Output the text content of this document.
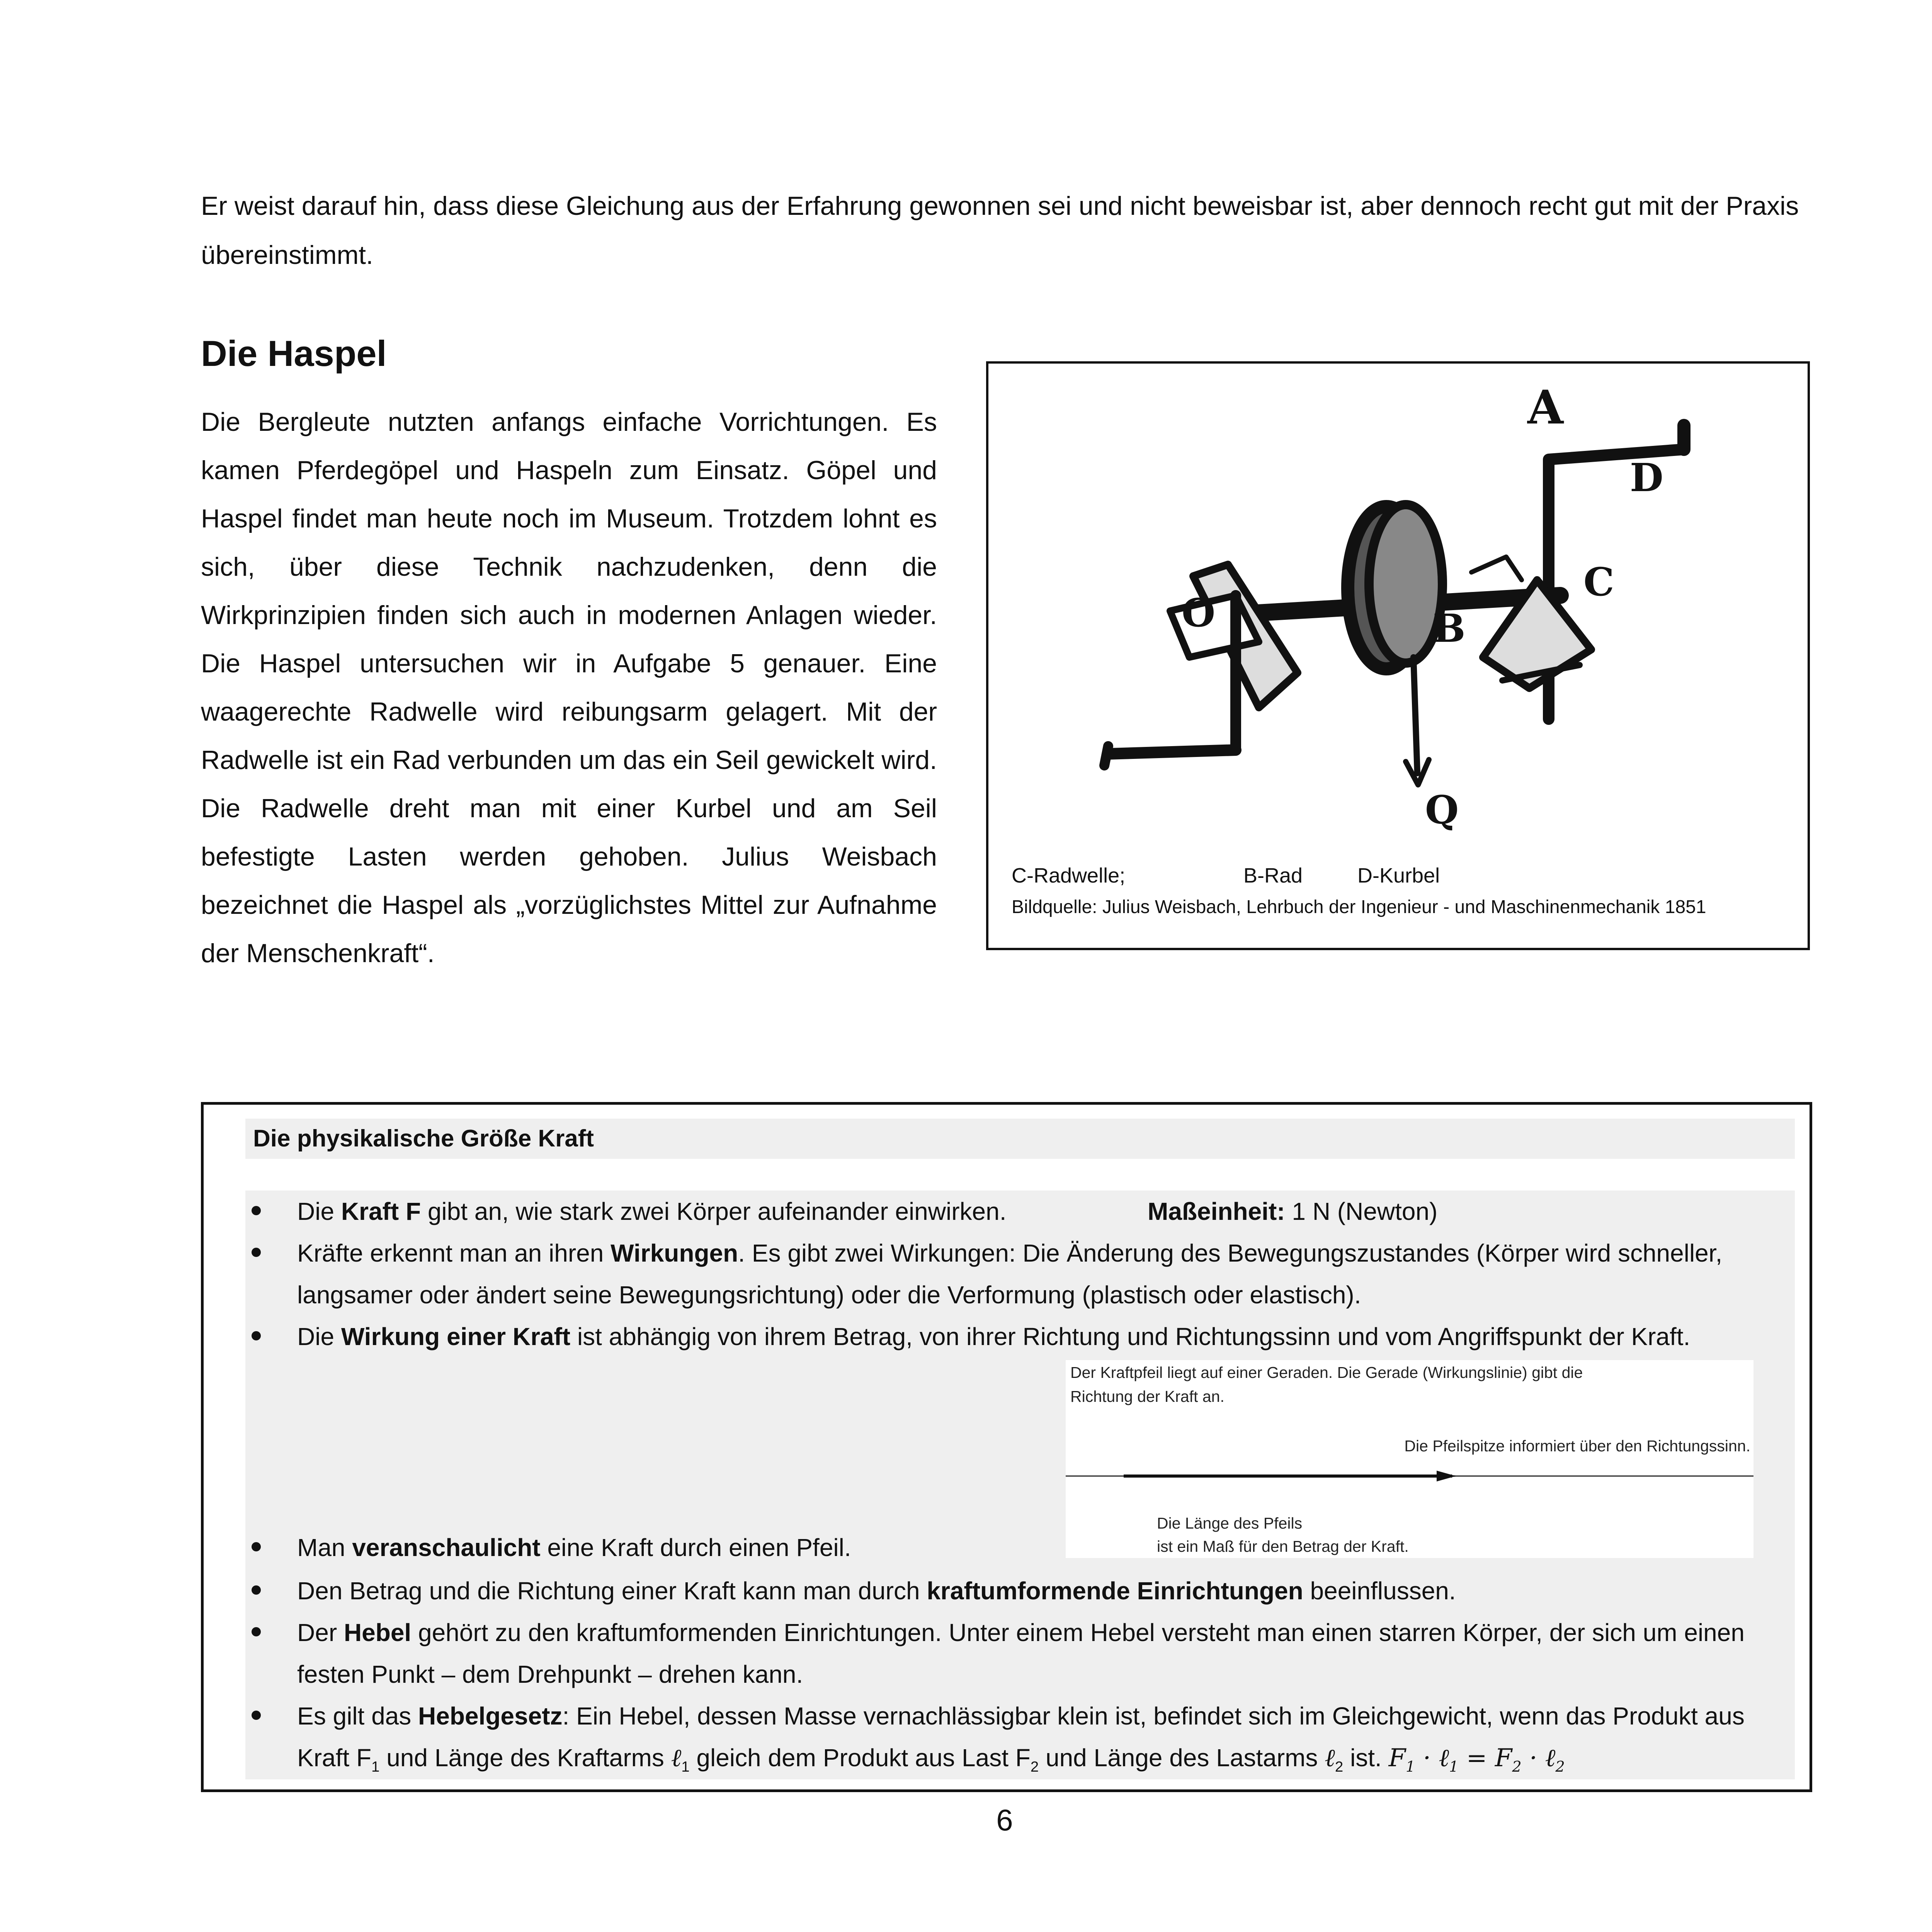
Er weist darauf hin, dass diese Gleichung aus der Erfahrung gewonnen sei und nicht beweisbar ist, aber dennoch recht gut mit der Praxis übereinstimmt.

Die Haspel

Die Bergleute nutzten anfangs einfache Vorrichtungen. Es kamen Pferdegöpel und Haspeln zum Einsatz. Göpel und Haspel findet man heute noch im Museum. Trotzdem lohnt es sich, über diese Technik nachzudenken, denn die Wirkprinzipien finden sich auch in modernen Anlagen wieder. Die Haspel untersuchen wir in Aufgabe 5 genauer. Eine waagerechte Radwelle wird reibungsarm gelagert. Mit der Radwelle ist ein Rad verbunden um das ein Seil gewickelt wird. Die Radwelle dreht man mit einer Kurbel und am Seil befestigte Lasten werden gehoben. Julius Weisbach bezeichnet die Haspel als „vorzüglichstes Mittel zur Aufnahme der Menschenkraft“.

A
D
C
B
O
Q
C-Radwelle;	B-Rad	D-Kurbel
Bildquelle: Julius Weisbach, Lehrbuch der Ingenieur - und Maschinenmechanik 1851
Die physikalische Größe Kraft
Die Kraft F gibt an, wie stark zwei Körper aufeinander einwirken.	Maßeinheit: 1 N (Newton)
Kräfte erkennt man an ihren Wirkungen. Es gibt zwei Wirkungen: Die Änderung des Bewegungszustandes (Körper wird schneller, langsamer oder ändert seine Bewegungsrichtung) oder die Verformung (plastisch oder elastisch).
Die Wirkung einer Kraft ist abhängig von ihrem Betrag, von ihrer Richtung und Richtungssinn und vom Angriffspunkt der Kraft.
Der Kraftpfeil liegt auf einer Geraden. Die Gerade (Wirkungslinie) gibt die
Richtung der Kraft an.
Die Pfeilspitze informiert über den Richtungssinn.
Die Länge des Pfeils
ist ein Maß für den Betrag der Kraft.
Man veranschaulicht eine Kraft durch einen Pfeil.
Den Betrag und die Richtung einer Kraft kann man durch kraftumformende Einrichtungen beeinflussen.
Der Hebel gehört zu den kraftumformenden Einrichtungen. Unter einem Hebel versteht man einen starren Körper, der sich um einen festen Punkt – dem Drehpunkt – drehen kann.
Es gilt das Hebelgesetz: Ein Hebel, dessen Masse vernachlässigbar klein ist, befindet sich im Gleichgewicht, wenn das Produkt aus Kraft $F_1$ und Länge des Kraftarms ℓ$_1$ gleich dem Produkt aus Last $F_2$ und Länge des Lastarms ℓ$_2$ ist. $F_1$ · ℓ$_1$ = $F_2$ · ℓ$_2$
6
